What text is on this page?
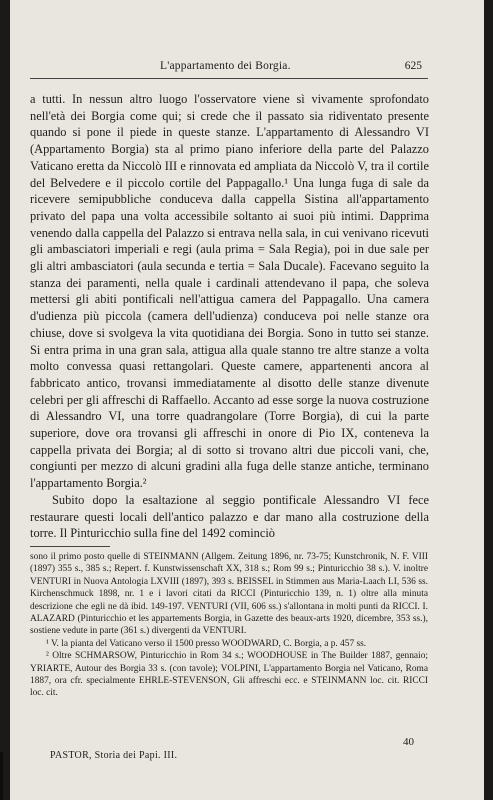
L'appartamento dei Borgia.	625

a tutti. In nessun altro luogo l'osservatore viene sì vivamente sprofondato nell'età dei Borgia come qui; si crede che il passato sia ridiventato presente quando si pone il piede in queste stanze. L'appartamento di Alessandro VI (Appartamento Borgia) sta al primo piano inferiore della parte del Palazzo Vaticano eretta da Niccolò III e rinnovata ed ampliata da Niccolò V, tra il cortile del Belvedere e il piccolo cortile del Pappagallo.¹ Una lunga fuga di sale da ricevere semipubbliche conduceva dalla cappella Sistina all'appartamento privato del papa una volta accessibile soltanto ai suoi più intimi. Dapprima venendo dalla cappella del Palazzo si entrava nella sala, in cui venivano ricevuti gli ambasciatori imperiali e regi (aula prima = Sala Regia), poi in due sale per gli altri ambasciatori (aula secunda e tertia = Sala Ducale). Facevano seguito la stanza dei paramenti, nella quale i cardinali attendevano il papa, che soleva mettersi gli abiti pontificali nell'attigua camera del Pappagallo. Una camera d'udienza più piccola (camera dell'udienza) conduceva poi nelle stanze ora chiuse, dove si svolgeva la vita quotidiana dei Borgia. Sono in tutto sei stanze. Si entra prima in una gran sala, attigua alla quale stanno tre altre stanze a volta molto convessa quasi rettangolari. Queste camere, appartenenti ancora al fabbricato antico, trovansi immediatamente al disotto delle stanze divenute celebri per gli affreschi di Raffaello. Accanto ad esse sorge la nuova costruzione di Alessandro VI, una torre quadrangolare (Torre Borgia), di cui la parte superiore, dove ora trovansi gli affreschi in onore di Pio IX, conteneva la cappella privata dei Borgia; al di sotto si trovano altri due piccoli vani, che, congiunti per mezzo di alcuni gradini alla fuga delle stanze antiche, terminano l'appartamento Borgia.²

Subito dopo la esaltazione al seggio pontificale Alessandro VI fece restaurare questi locali dell'antico palazzo e dar mano alla costruzione della torre. Il Pinturicchio sulla fine del 1492 cominciò

sono il primo posto quelle di STEINMANN (Allgem. Zeitung 1896, nr. 73-75; Kunstchronik, N. F. VIII (1897) 355 s., 385 s.; Repert. f. Kunstwissenschaft XX, 318 s.; Rom 99 s.; Pinturicchio 38 s.). V. inoltre VENTURI in Nuova Antologia LXVIII (1897), 393 s. BEISSEL in Stimmen aus Maria-Laach LI, 536 ss. Kirchenschmuck 1898, nr. 1 e i lavori citati da RICCI (Pinturicchio 139, n. 1) oltre alla minuta descrizione che egli ne dà ibid. 149-197. VENTURI (VII, 606 ss.) s'allontana in molti punti da RICCI. I. ALAZARD (Pinturicchio et les appartements Borgia, in Gazette des beaux-arts 1920, dicembre, 353 ss.), sostiene vedute in parte (361 s.) divergenti da VENTURI.

¹ V. la pianta del Vaticano verso il 1500 presso WOODWARD, C. Borgia, a p. 457 ss.

² Oltre SCHMARSOW, Pinturicchio in Rom 34 s.; WOODHOUSE in The Builder 1887, gennaio; YRIARTE, Autour des Borgia 33 s. (con tavole); VOLPINI, L'appartamento Borgia nel Vaticano, Roma 1887, ora cfr. specialmente EHRLE-STEVENSON, Gli affreschi ecc. e STEINMANN loc. cit. RICCI loc. cit.

PASTOR, Storia dei Papi. III.
40
